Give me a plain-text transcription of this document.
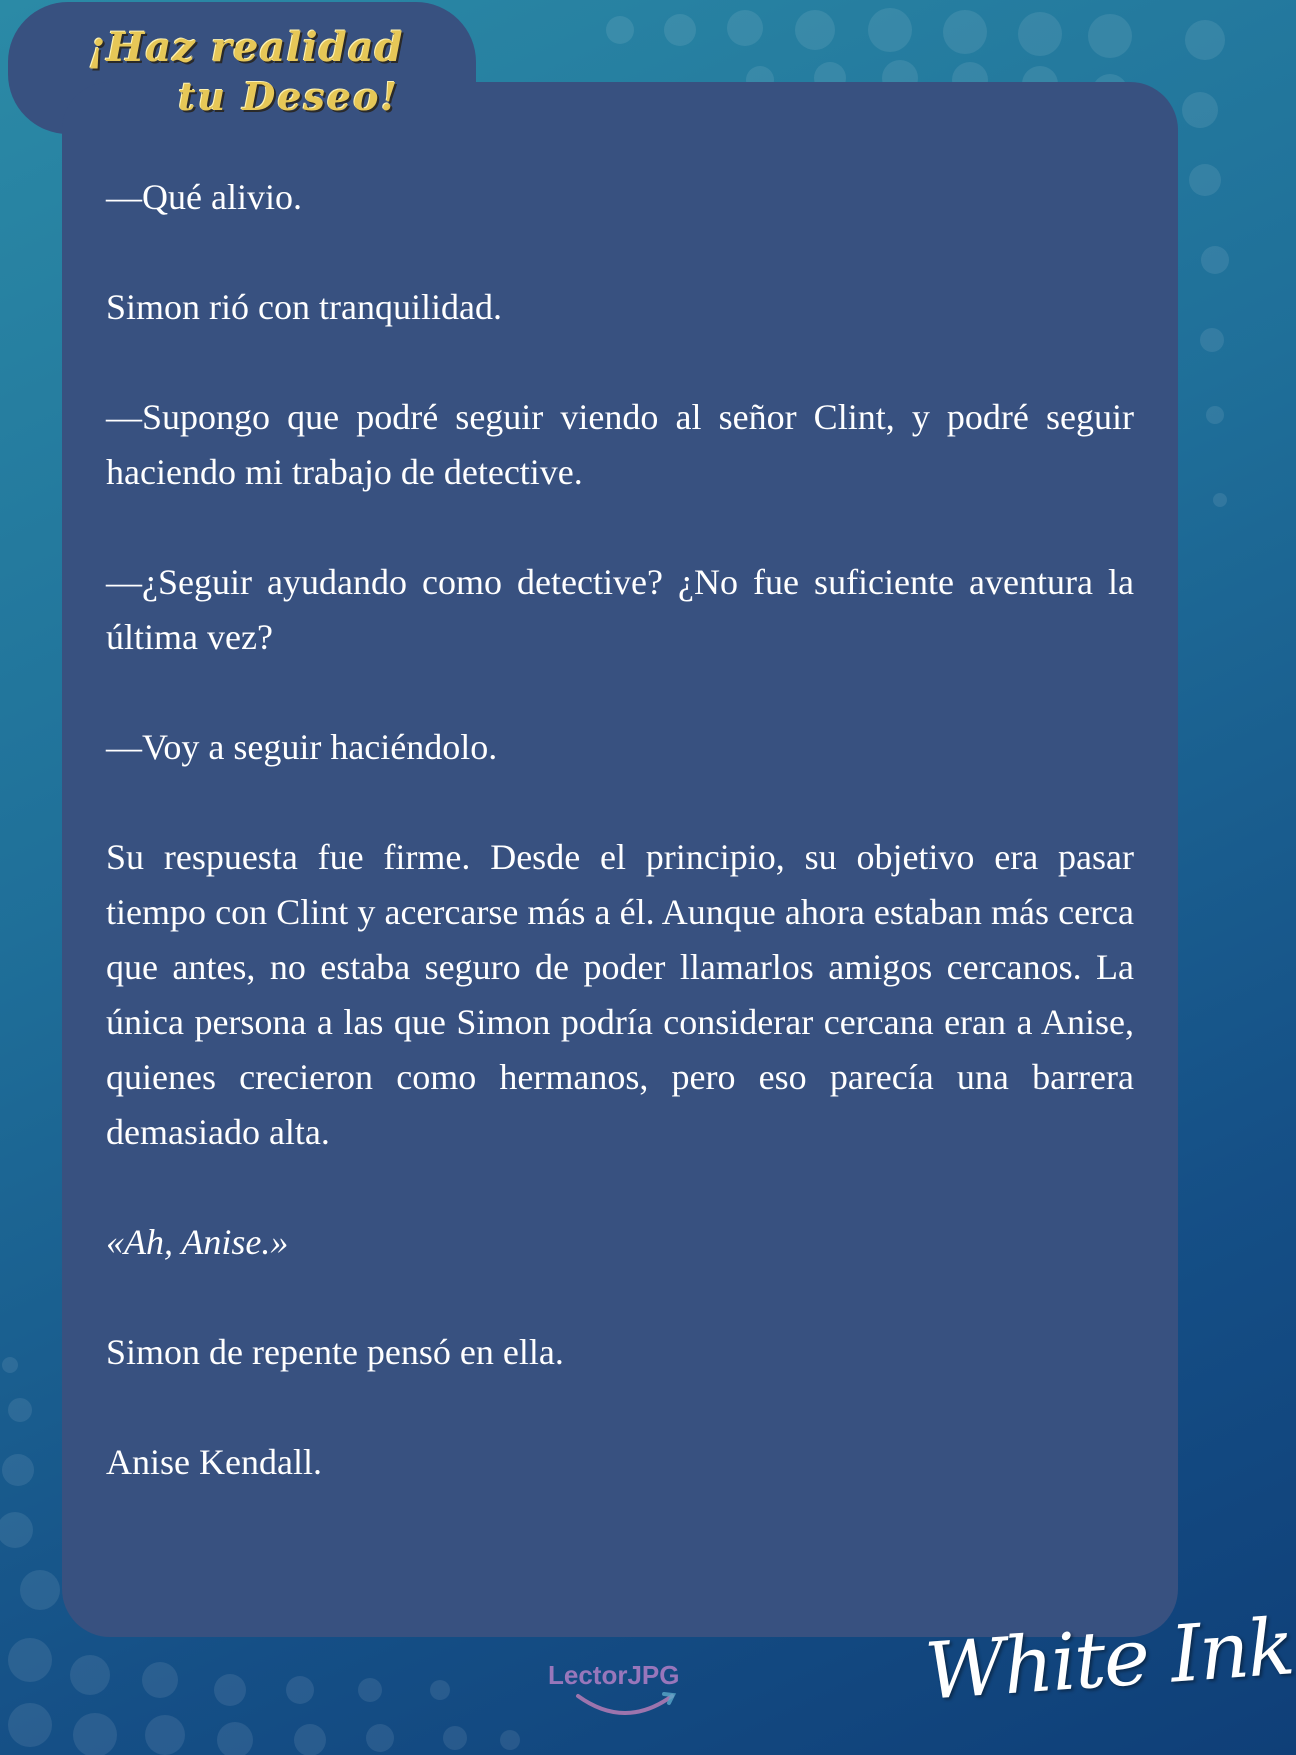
¡Haz realidad
tu Deseo!

—Qué alivio.

Simon rió con tranquilidad.

—Supongo que podré seguir viendo al señor Clint, y podré seguir haciendo mi trabajo de detective.

—¿Seguir ayudando como detective? ¿No fue suficiente aventura la última vez?

—Voy a seguir haciéndolo.

Su respuesta fue firme. Desde el principio, su objetivo era pasar tiempo con Clint y acercarse más a él. Aunque ahora estaban más cerca que antes, no estaba seguro de poder llamarlos amigos cercanos. La única persona a las que Simon podría considerar cercana eran a Anise, quienes crecieron como hermanos, pero eso parecía una barrera demasiado alta.

«Ah, Anise.»

Simon de repente pensó en ella.

Anise Kendall.

LectorJPG	White Ink
